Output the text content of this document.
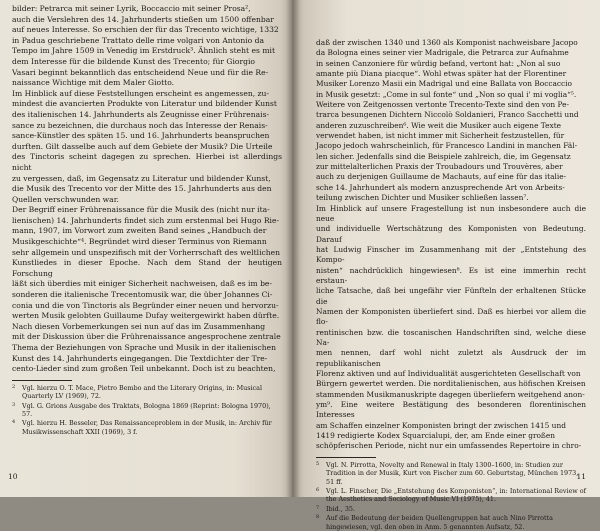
bilder: Petrarca mit seiner Lyrik, Boccaccio mit seiner Prosa²,

auch die Verslehren des 14. Jahrhunderts stießen um 1500 offenbar

auf neues Interesse. So erschien der für das Trecento wichtige, 1332

in Padua geschriebene Trattato delle rime volgari von Antonio da

Tempo im Jahre 1509 in Venedig im Erstdruck³. Ähnlich steht es mit

dem Interesse für die bildende Kunst des Trecento; für Giorgio

Vasari beginnt bekanntlich das entscheidend Neue und für die Re-

naissance Wichtige mit dem Maler Giotto.

Im Hinblick auf diese Feststellungen erscheint es angemessen, zu-

mindest die avancierten Produkte von Literatur und bildender Kunst

des italienischen 14. Jahrhunderts als Zeugnisse einer Frührenais-

sance zu bezeichnen, die durchaus noch das Interesse der Renais-

sance-Künstler des späten 15. und 16. Jahrhunderts beanspruchen

durften. Gilt dasselbe auch auf dem Gebiete der Musik? Die Urteile

des Tinctoris scheint dagegen zu sprechen. Hierbei ist allerdings nicht

zu vergessen, daß, im Gegensatz zu Literatur und bildender Kunst,

die Musik des Trecento vor der Mitte des 15. Jahrhunderts aus den

Quellen verschwunden war.

Der Begriff einer Frührenaissance für die Musik des (nicht nur ita-

lienischen) 14. Jahrhunderts findet sich zum erstenmal bei Hugo Rie-

mann, 1907, im Vorwort zum zweiten Band seines „Handbuch der

Musikgeschichte“⁴. Begründet wird dieser Terminus von Riemann

sehr allgemein und unspezifisch mit der Vorherrschaft des weltlichen

Kunstliedes in dieser Epoche. Nach dem Stand der heutigen Forschung

läßt sich überdies mit einiger Sicherheit nachweisen, daß es im be-

sonderen die italienische Trecentomusik war, die über Johannes Ci-

conia und die von Tinctoris als Begründer einer neuen und hervorzu-

werten Musik gelobten Guillaume Dufay weitergewirkt haben dürfte.

Nach diesen Vorbemerkungen sei nun auf das im Zusammenhang

mit der Diskussion über die Frührenaissance angesprochene zentrale

Thema der Beziehungen von Sprache und Musik in der italienischen

Kunst des 14. Jahrhunderts eingegangen. Die Textdichter der Tre-

cento-Lieder sind zum großen Teil unbekannt. Doch ist zu beachten,

2	Vgl. hierzu O. T. Mace, Pietro Bembo and the Literary Origins, in: Musical Quarterly LV (1969), 72.
3	Vgl. G. Grions Ausgabe des Traktats, Bologna 1869 (Reprint: Bologna 1970), 57.
4	Vgl. hierzu H. Besseler, Das Renaissanceproblem in der Musik, in: Archiv für Musikwissenschaft XXII (1969), 3 f.
10

daß der zwischen 1340 und 1360 als Komponist nachweisbare Jacopo

da Bologna eines seiner vier Madrigale, die Petrarca zur Aufnahme

in seinen Canzoniere für würdig befand, vertont hat: „Non al suo

amante più Diana piacque“. Wohl etwas später hat der Florentiner

Musiker Lorenzo Masii ein Madrigal und eine Ballata von Boccaccio

in Musik gesetzt: „Come in sul fonte“ und „Non so qual i' mi voglia“⁵.

Weitere von Zeitgenossen vertonte Trecento-Texte sind den von Pe-

trarca besungenen Dichtern Niccolò Soldanieri, Franco Sacchetti und

anderen zuzuschreiben⁶. Wie weit die Musiker auch eigene Texte

verwendet haben, ist nicht immer mit Sicherheit festzustellen, für

Jacopo jedoch wahrscheinlich, für Francesco Landini in manchen Fäl-

len sicher. Jedenfalls sind die Beispiele zahlreich, die, im Gegensatz

zur mittelalterlichen Praxis der Troubadours und Trouvères, aber

auch zu derjenigen Guillaume de Machauts, auf eine für das italie-

sche 14. Jahrhundert als modern anzusprechende Art von Arbeits-

teilung zwischen Dichter und Musiker schließen lassen⁷.

Im Hinblick auf unsere Fragestellung ist nun insbesondere auch die neue

und individuelle Wertschätzung des Komponisten von Bedeutung. Darauf

hat Ludwig Finscher im Zusammenhang mit der „Entstehung des Kompo-

nisten“ nachdrücklich hingewiesen⁸. Es ist eine immerhin recht erstaun-

liche Tatsache, daß bei ungefähr vier Fünfteln der erhaltenen Stücke die

Namen der Komponisten überliefert sind. Daß es hierbei vor allem die flo-

rentinischen bzw. die toscanischen Handschriften sind, welche diese Na-

men nennen, darf wohl nicht zuletzt als Ausdruck der im republikanischen

Florenz aktiven und auf Individualität ausgerichteten Gesellschaft von

Bürgern gewertet werden. Die norditalienischen, aus höfischen Kreisen

stammenden Musikmanuskripte dagegen überliefern weitgehend anon-

ym⁹. Eine weitere Bestätigung des besonderen florentinischen Interesses

am Schaffen einzelner Komponisten bringt der zwischen 1415 und

1419 redigierte Kodex Squarcialupi, der, am Ende einer großen

schöpferischen Periode, nicht nur ein umfassendes Repertoire in chro-

5	Vgl. N. Pirrotta, Novelty and Renewal in Italy 1300–1600, in: Studien zur Tradition in der Musik, Kurt von Fischer zum 60. Geburtstag, München 1973, 51 ff.
6	Vgl. L. Finscher, Die „Entstehung des Komponisten“, in: International Review of the Aesthetics and Sociology of Music VI (1975), 41.
7	Ibid., 35.
8	Auf die Bedeutung der beiden Quellengruppen hat auch Nino Pirrotta hingewiesen, vgl. den oben in Anm. 5 genannten Aufsatz, 52.
11
